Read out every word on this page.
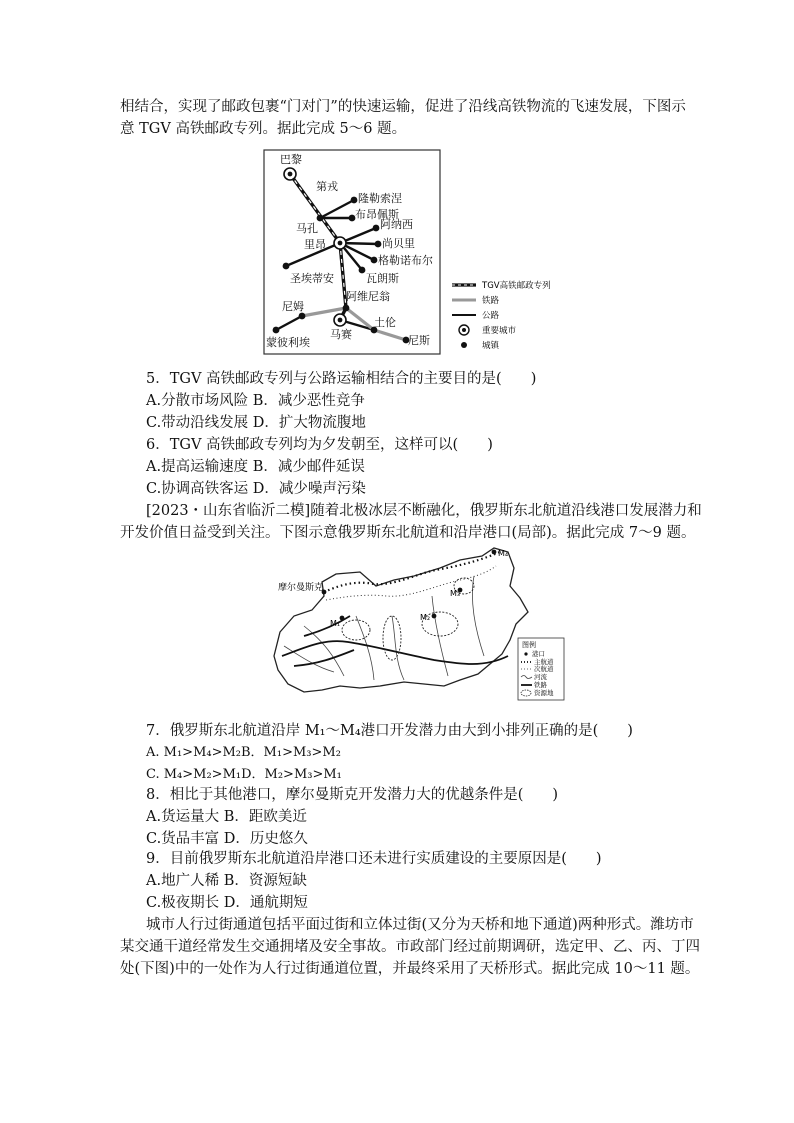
相结合，实现了邮政包裹“门对门”的快速运输，促进了沿线高铁物流的飞速发展，下图示
意 TGV 高铁邮政专列。据此完成 5～6 题。
巴黎
第戎
隆勒索涅
布昂佩斯
马孔	阿纳西
里昂	尚贝里
格勒诺布尔
圣埃蒂安	瓦朗斯
尼姆
阿维尼翁
蒙彼利埃
马赛
土伦
尼斯
TGV高铁邮政专列
铁路
公路
重要城市
城镇
5．TGV 高铁邮政专列与公路运输相结合的主要目的是(　　)
A.分散市场风险 B．减少恶性竞争
C.带动沿线发展 D．扩大物流腹地
6．TGV 高铁邮政专列均为夕发朝至，这样可以(　　)
A.提高运输速度 B．减少邮件延误
C.协调高铁客运 D．减少噪声污染
[2023・山东省临沂二模]随着北极冰层不断融化，俄罗斯东北航道沿线港口发展潜力和
开发价值日益受到关注。下图示意俄罗斯东北航道和沿岸港口(局部)。据此完成 7～9 题。
摩尔曼斯克
M₁
M₂
M₃
M₄
图例
港口
主航道
次航道
河流
铁路
资源地
7．俄罗斯东北航道沿岸 M₁～M₄港口开发潜力由大到小排列正确的是(　　)
A. M₁>M₄>M₂B．M₁>M₃>M₂
C. M₄>M₂>M₁D．M₂>M₃>M₁
8．相比于其他港口，摩尔曼斯克开发潜力大的优越条件是(　　)
A.货运量大 B．距欧美近
C.货品丰富 D．历史悠久
9．目前俄罗斯东北航道沿岸港口还未进行实质建设的主要原因是(　　)
A.地广人稀 B．资源短缺
C.极夜期长 D．通航期短
城市人行过街通道包括平面过街和立体过街(又分为天桥和地下通道)两种形式。潍坊市
某交通干道经常发生交通拥堵及安全事故。市政部门经过前期调研，选定甲、乙、丙、丁四
处(下图)中的一处作为人行过街通道位置，并最终采用了天桥形式。据此完成 10～11 题。
